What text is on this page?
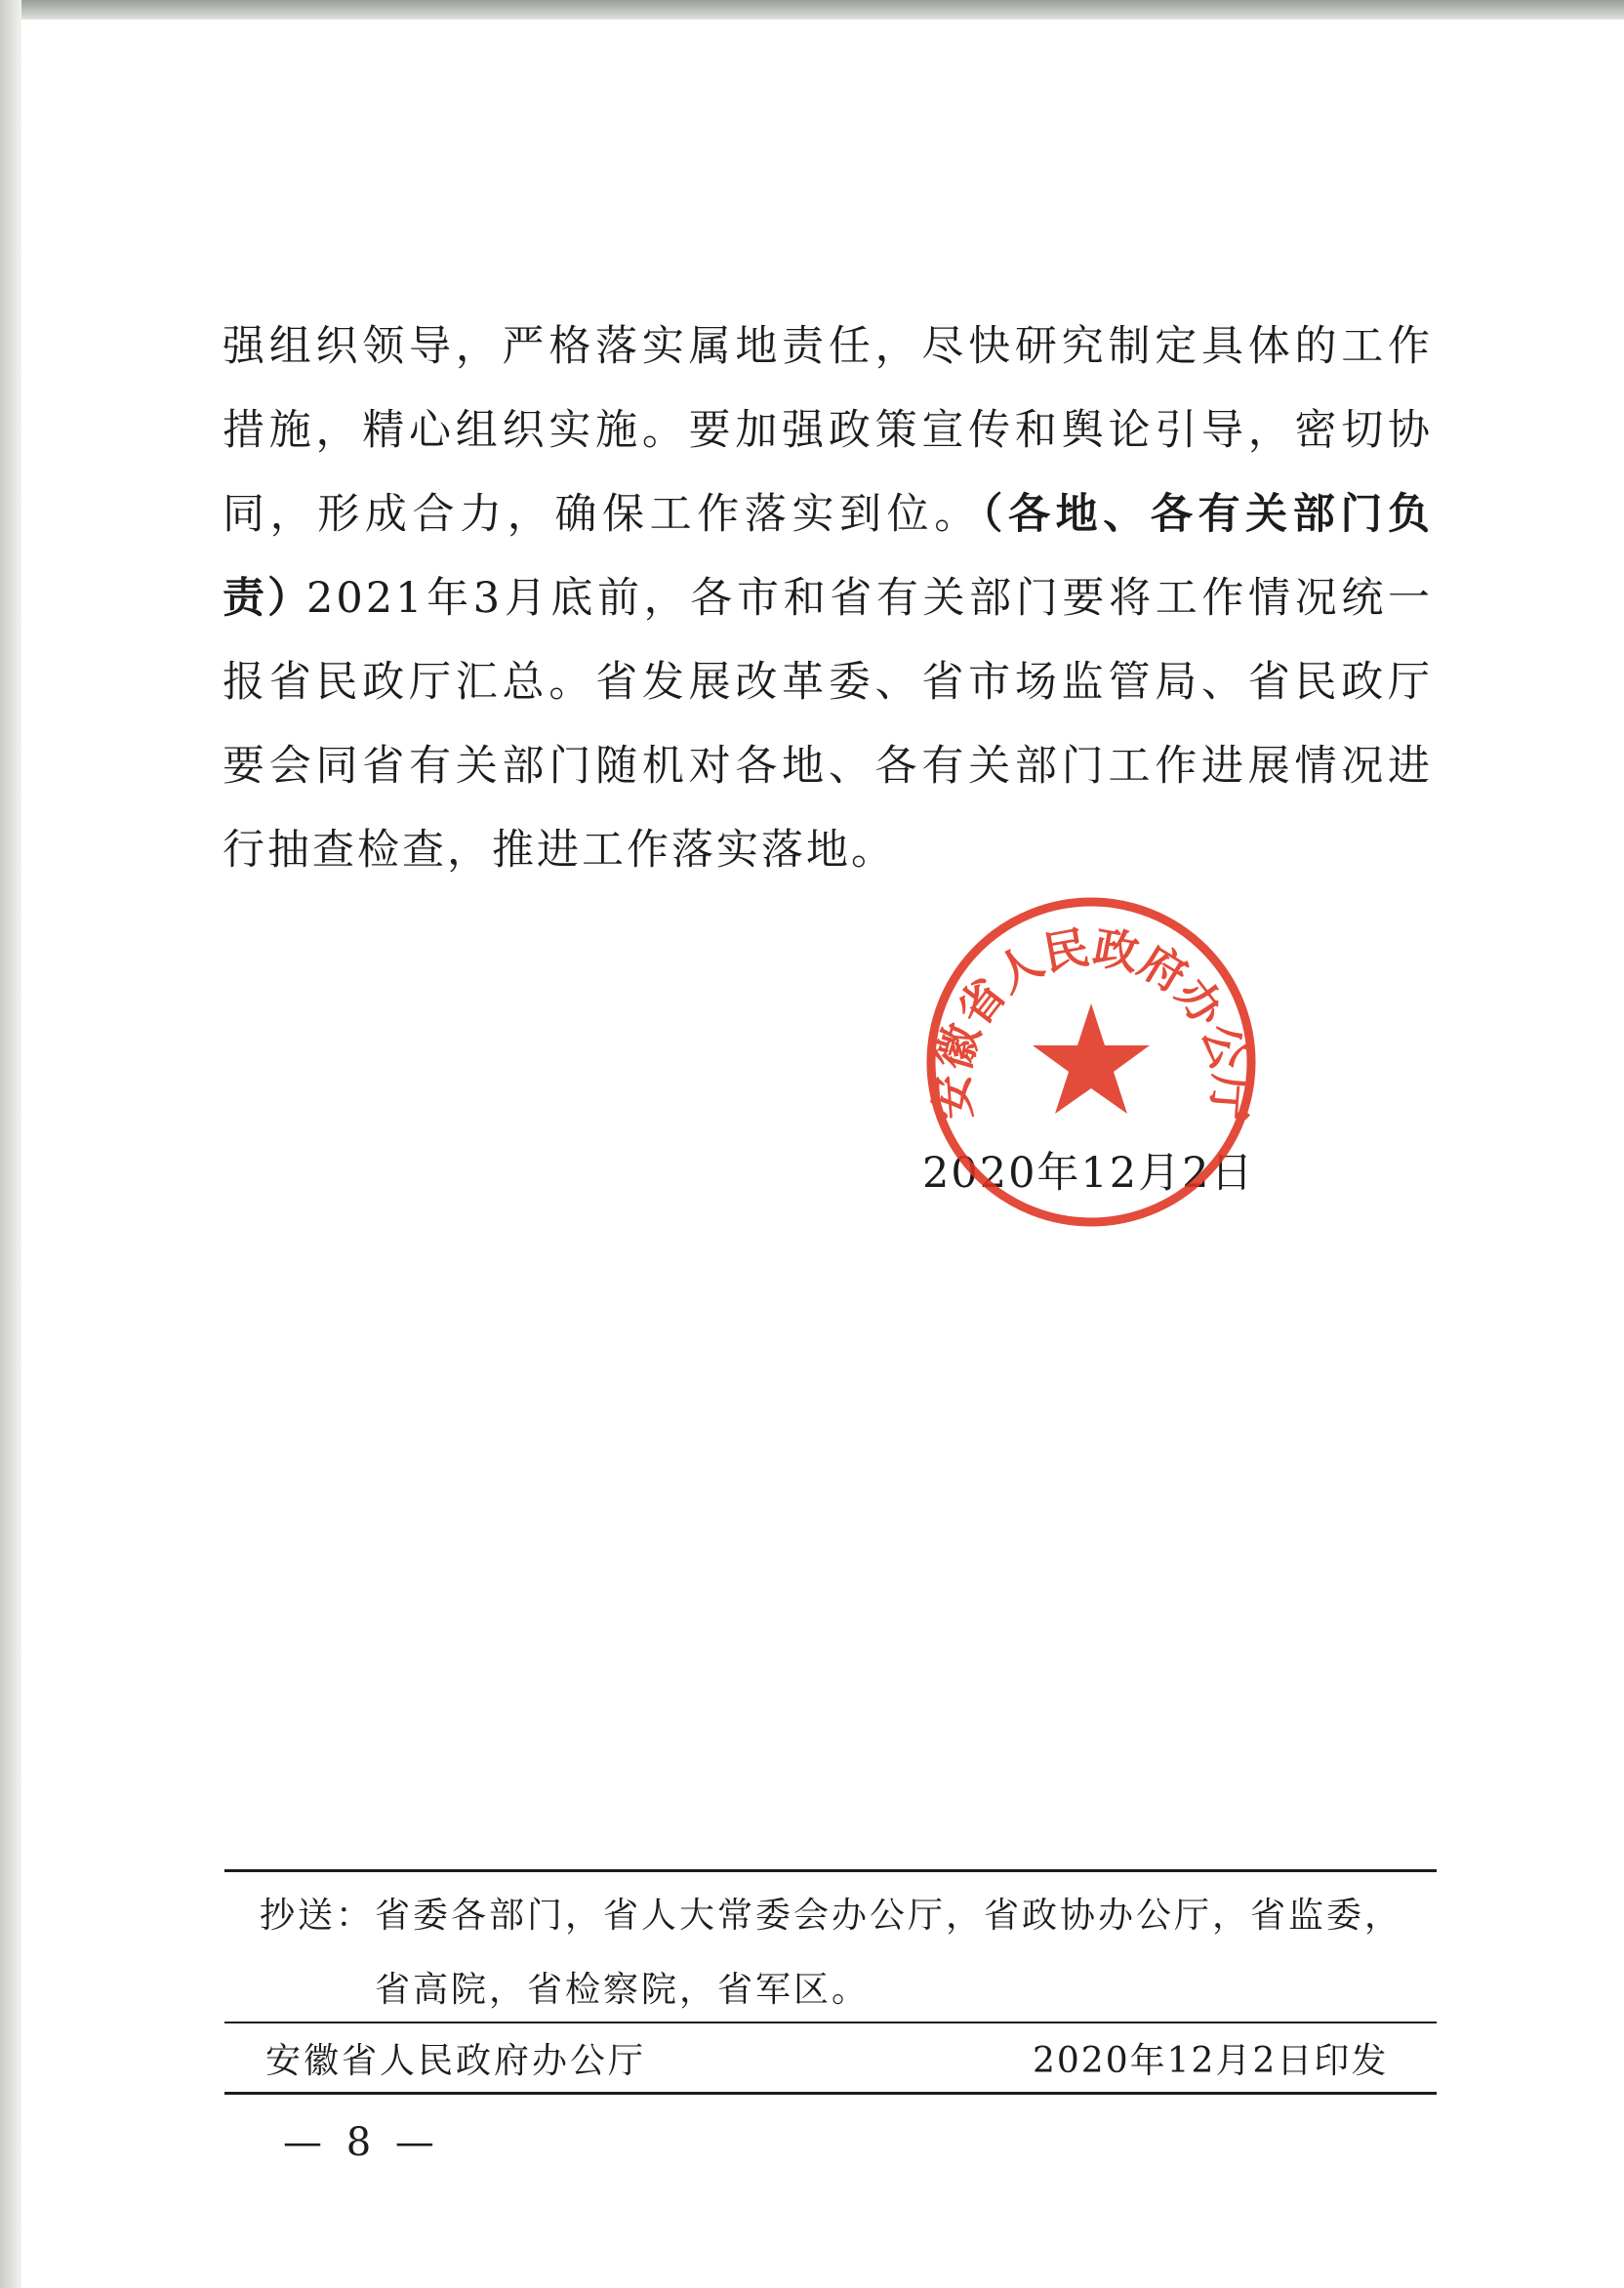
强组织领导，严格落实属地责任，尽快研究制定具体的工作措施，精心组织实施。要加强政策宣传和舆论引导，密切协同，形成合力，确保工作落实到位。（各地、各有关部门负责）
2021年3月底前，各市和省有关部门要将工作情况统一报省民政厅汇总。省发展改革委、省市场监管局、省民政厅要会同省有关部门随机对各地、各有关部门工作进展情况进行抽查检查，推进工作落实落地。
2020年12月2日
安徽省人民政府办公厅
抄送： 省委各部门，省人大常委会办公厅，省政协办公厅，省监委，
省高院，省检察院，省军区。
安徽省人民政府办公厅	2020年12月2日印发
— 8 —
